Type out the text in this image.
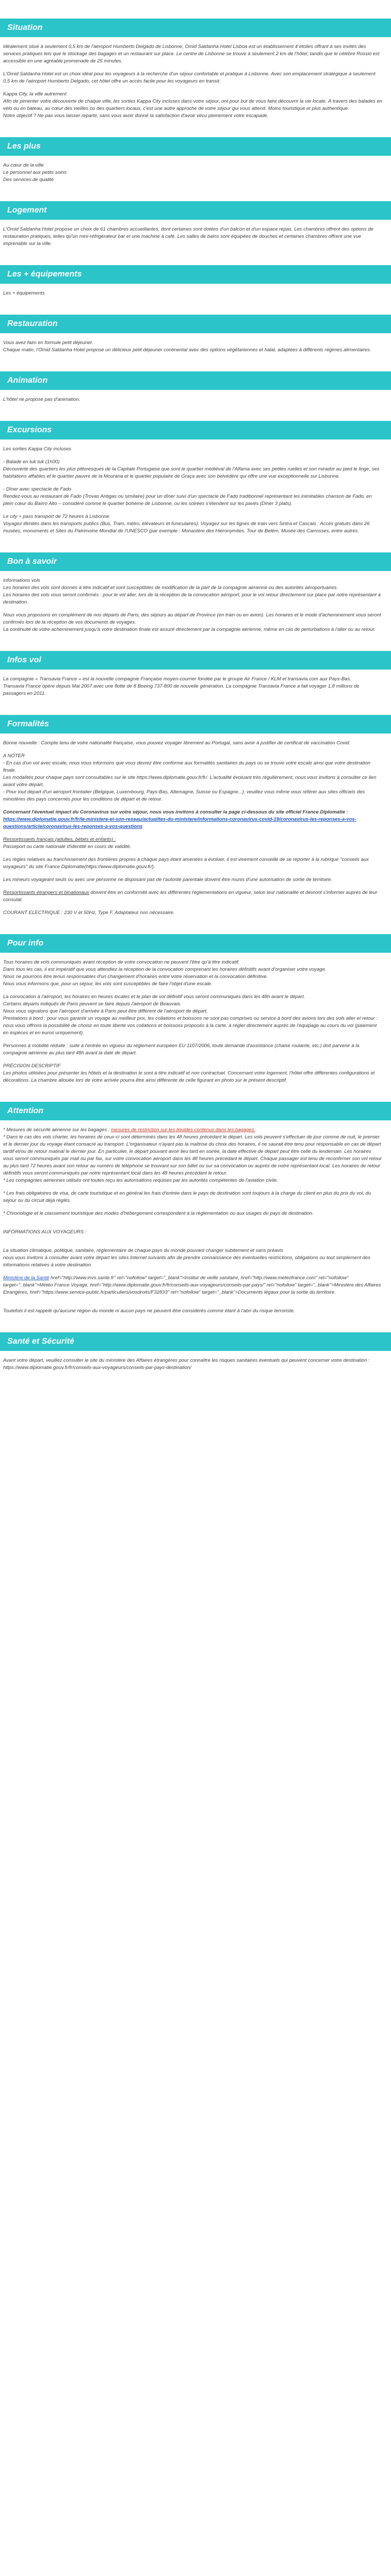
Situation

Idéalement situé à seulement 0,5 km de l'aéroport Humberto Delgado de Lisbonne, Omid Saldanha Hotel Lisboa est un établissement 4 étoiles offrant à ses invités des services pratiques tels que le stockage des bagages et un restaurant sur place. Le centre de Lisbonne se trouve à seulement 2 km de l'hôtel, tandis que le célèbre Rossio est accessible en une agréable promenade de 25 minutes.

L'Omid Saldanha Hotel est un choix idéal pour les voyageurs à la recherche d'un séjour confortable et pratique à Lisbonne. Avec son emplacement stratégique à seulement 0,5 km de l'aéroport Humberto Delgado, cet hôtel offre un accès facile pour les voyageurs en transit.

Kappa City, la ville autrement
Afin de pimenter votre découverte de chaque ville, les sorties Kappa City incluses dans votre séjour, ont pour but de vous faire découvrir la vie locale. À travers des balades en vélo ou en bateau, au cœur des vieilles ou des quartiers locaux, c'est une autre approche de votre séjour qui vous attend. Moins touristique et plus authentique.
Notre objectif ? Ne pas vous laisser repartir, sans vous avoir donné la satisfaction d'avoir vécu pleinement votre escapade.

Les plus

Au cœur de la ville
Le personnel aux petits soins
Des services de qualité

Logement

L'Omid Saldanha Hotel propose un choix de 61 chambres accueillantes, dont certaines sont dotées d'un balcon et d'un espace repas. Les chambres offrent des options de restauration pratiques, telles qu'un mini-réfrigérateur bar et une machine à café. Les salles de bains sont équipées de douches et certaines chambres offrent une vue imprenable sur la ville.

Les + équipements

Les + équipements

Restauration

Vous avez faim en formule petit déjeuner.
Chaque matin, l'Omid Saldanha Hotel propose un délicieux petit déjeuner continental avec des options végétariennes et halal, adaptées à différents régimes alimentaires.

Animation

L'hôtel ne propose pas d'animation.

Excursions

Les sorties Kappa City incluses

- Balade en tuk tuk (1h00)
Découverte des quartiers les plus pittoresques de la Capitale Portugaise que sont le quartier médiéval de l'Alfama avec ses petites ruelles et son mirador au pied le linge, ses habitations affables et le quartier pauvre de la Mouraria et le quartier populaire de Graça avec son belvédère qui offre une vue exceptionnelle sur Lisbonne.

- Dîner avec spectacle de Fado
Rendez-vous au restaurant de Fado (Trovas Antigas ou similaire) pour un dîner suivi d'un spectacle de Fado traditionnel représentant les inimitables chanson de Fado, en plein cœur du Bairro Alto – considéré comme le quartier bohème de Lisbonne, ou les soirées s'étendent sur les pavés (Dîner 3 plats).

Le city + pass transport de 72 heures à Lisbonne
Voyagez illimités dans les transports publics (Bus, Tram, métro, élévateurs et funiculaires). Voyagez sur les lignes de train vers Sintra et Cascais : Accès gratuits dans 26 musées, monuments et Sites du Patrimoine Mondial de l'UNESCO (par exemple : Monastère des Hiéronymites, Tour de Belém, Musée des Carrosses, entre autres.

Bon à savoir

Informations vols
Les horaires des vols sont donnés à titre indicatif et sont susceptibles de modification de la part de la compagnie aérienne ou des autorités aéroportuaires.
Les horaires des vols vous seront confirmés : pour le vol aller, lors de la réception de la convocation aéroport, pour le vol retour directement sur place par notre représentant à destination.

Nous vous proposons en complément de nos départs de Paris, des séjours au départ de Province (en train ou en avion). Les horaires et le mode d'acheminement vous seront confirmés lors de la réception de vos documents de voyages.
La continuité de votre acheminement jusqu'à votre destination finale est assuré directement par la compagnie aérienne, même en cas de perturbations à l'aller ou au retour.

Infos vol

La compagnie « Transavia France » est la nouvelle compagnie Française moyen-courrier fondée par le groupe Air France / KLM et transavia.com aux Pays-Bas.
Transavia France opère depuis Mai 2007 avec une flotte de 8 Boeing 737-800 de nouvelle génération. La compagnie Transavia France a fait voyager 1,8 millions de passagers en 2011.

Formalités

Bonne nouvelle : Compte tenu de votre nationalité française, vous pouvez voyager librement au Portugal, sans avoir à justifier de certificat de vaccination Covid.

A NOTER
- En cas d'un vol avec escale, nous vous informons que vous devrez être conforme aux formalités sanitaires du pays où se trouve votre escale ainsi que votre destination finale.
Les modalités pour chaque pays sont consultables sur le site https://www.diplomatie.gouv.fr/fr/. L'actualité évoluant très régulièrement, nous vous invitons à consulter ce lien avant votre départ.
- Pour tout départ d'un aéroport frontalier (Belgique, Luxembourg, Pays-Bas, Allemagne, Suisse ou Espagne...), veuillez vous même vous référer aux sites officiels des ministères des pays concernés pour les conditions de départ et de retour.

Concernant l'éventuel impact du Coronavirus sur votre séjour, nous vous invitons à consulter la page ci-dessous du site officiel France Diplomatie :
https://www.diplomatie.gouv.fr/fr/le-ministere-et-son-reseau/actualites-du-ministere/informations-coronavirus-covid-19/coronavirus-les-reponses-a-vos-questions/article/coronavirus-les-reponses-a-vos-questions

Ressortissants français (adultes, bébés et enfants) :
Passeport ou carte nationale d'identité en cours de validité.

Les règles relatives au franchissement des frontières propres à chaque pays étant amenées à évoluer, il est vivement conseillé de se reporter à la rubrique "conseils aux voyageurs" du site France Diplomatie(https://www.diplomatie.gouv.fr/).

Les mineurs voyageant seuls ou avec une personne ne disposant pas de l'autorité parentale doivent être munis d'une autorisation de sortie de territoire.

Ressortissants étrangers et binationaux doivent être en conformité avec les différentes réglementations en vigueur, selon leur nationalité et devront s'informer auprès de leur consulat.

COURANT ELECTRIQUE : 230 V et 50Hz, Type F. Adaptateur non nécessaire.

Pour info

Tous horaires de vols communiqués avant réception de votre convocation ne peuvent l'être qu'à titre indicatif.
Dans tous les cas, il est impératif que vous attendiez la réception de la convocation comprenant les horaires définitifs avant d'organiser votre voyage.
Nous ne pourrons être tenus responsables d'un changement d'horaires entre votre réservation et la convocation définitive.
Nous vous informons que, pour un séjour, les vols sont susceptibles de faire l'objet d'une escale.

La convocation à l'aéroport, les horaires en heures locales et le plan de vol définitif vous seront communiqués dans les 48h avant le départ.
Certains départs indiqués de Paris peuvent se faire depuis l'aéroport de Beauvais.
Nous vous signalons que l'aéroport d'arrivée à Paris peut être différent de l'aéroport de départ.
Prestations à bord : pour vous garantir un voyage au meilleur prix, les collations et boissons ne sont pas comprises ou service à bord des avions lors des vols aller et retour : nous vous offrons la possibilité de choisir en toute liberté vos collations et boissons proposés à la carte, à régler directement auprès de l'équipage au cours du vol (paiement en espèces et en euros uniquement).

Personnes à mobilité réduite : suite à l'entrée en vigueur du règlement européen EU 1107/2006, toute demande d'assistance (chaise roulante, etc.) doit parvenir à la compagnie aérienne au plus tard 48h avant la date de départ.

PRÉCISION DESCRIPTIF
Les photos utilisées pour présenter les hôtels et la destination le sont à titre indicatif et non contractuel. Concernant votre logement, l'hôtel offre différentes configurations et décorations. La chambre allouée lors de votre arrivée pourra être ainsi différente de celle figurant en photo sur le présent descriptif.

Attention

* Mesures de sécurité aérienne sur les bagages : mesures de restriction sur les liquides contenus dans les bagages.
* Dans le cas des vols charter, les horaires de ceux-ci sont déterminés dans les 48 heures précédant le départ. Les vols peuvent s'effectuer de jour comme de nuit, le premier et le dernier jour du voyage étant consacré au transport. L'organisateur n'ayant pas la maîtrise du choix des horaires, il ne saurait être tenu pour responsable en cas de départ tardif et/ou de retour matinal le dernier jour. En particulier, le départ pouvant avoir lieu tard en soirée, la date effective de départ peut être celle du lendemain. Les horaires vous seront communiqués par mail ou par fax, sur votre convocation aéroport dans les 48 heures précédant le départ. Chaque passager est tenu de reconfirmer son vol retour au plus tard 72 heures avant son retour au numéro de téléphone se trouvant sur son billet ou sur sa convocation ou auprès de notre représentant local. Les horaires de retour définitifs vous seront communiqués par notre représentant local dans les 48 heures précédant le retour.
* Les compagnies aériennes utilisés ont toutes reçu les autorisations requises par les autorités compétentes de l'aviation civile.

* Les frais obligatoires de visa, de carte touristique et en général les frais d'entrée dans le pays de destination sont toujours à la charge du client en plus du prix du vol, du séjour ou du circuit déjà réglés.

* Chronologie et le classement touristique des modes d'hébergement correspondent à la réglementation ou aux usages du pays de destination.

INFORMATIONS AUX VOYAGEURS :

La situation climatique, politique, sanitaire, réglementaire de chaque pays du monde pouvant changer subitement et sans préavis
nous vous invitons à consulter avant votre départ les sites Internet suivants afin de prendre connaissance des éventuelles restrictions, obligations ou tout simplement des informations relatives à votre destination.

Ministère de la Santé href="http://www.invs.sante.fr" rel="nofollow" target="_blank">Institut de veille sanitaire, href="http://www.meteofrance.com" rel="nofollow" target="_blank">Météo France Voyage, href="http://www.diplomatie.gouv.fr/fr/conseils-aux-voyageurs/conseils-par-pays/" rel="nofollow" target="_blank">Ministère des Affaires Etrangères, href="https://www.service-public.fr/particuliers/vosdroits/F32833" rel="nofollow" target="_blank">Documents légaux pour la sortie du territoire.

Toutefois il est rappelé qu'aucune région du monde ni aucun pays ne peuvent être considérés comme étant à l'abri du risque terroriste.

Santé et Sécurité

Avant votre départ, veuillez consulter le site du ministère des Affaires étrangères pour connaître les risques sanitaires éventuels qui peuvent concerner votre destination : https://www.diplomatie.gouv.fr/fr/conseils-aux-voyageurs/conseils-par-pays-destination/
